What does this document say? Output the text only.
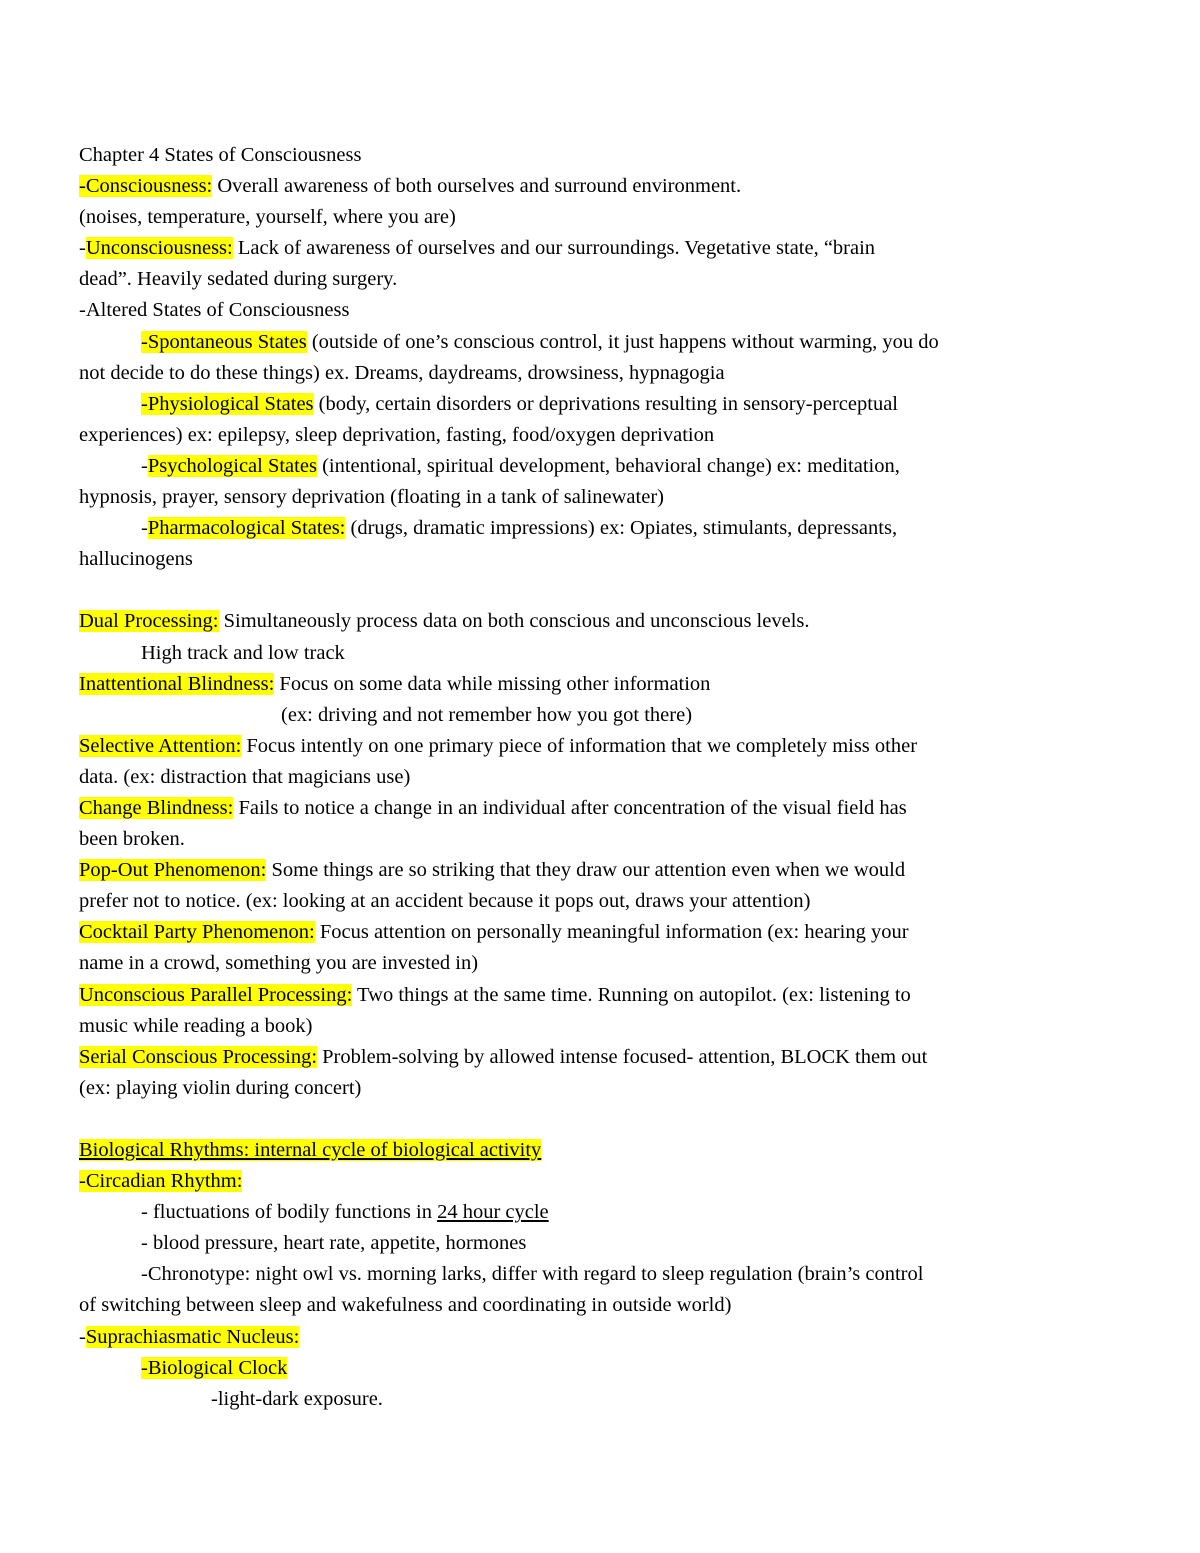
Chapter 4 States of Consciousness
-Consciousness: Overall awareness of both ourselves and surround environment.
(noises, temperature, yourself, where you are)
-Unconsciousness: Lack of awareness of ourselves and our surroundings. Vegetative state, “brain
dead”. Heavily sedated during surgery.
-Altered States of Consciousness
-Spontaneous States (outside of one’s conscious control, it just happens without warming, you do
not decide to do these things) ex. Dreams, daydreams, drowsiness, hypnagogia
-Physiological States (body, certain disorders or deprivations resulting in sensory-perceptual
experiences) ex: epilepsy, sleep deprivation, fasting, food/oxygen deprivation
-Psychological States (intentional, spiritual development, behavioral change) ex: meditation,
hypnosis, prayer, sensory deprivation (floating in a tank of salinewater)
-Pharmacological States: (drugs, dramatic impressions) ex: Opiates, stimulants, depressants,
hallucinogens
Dual Processing: Simultaneously process data on both conscious and unconscious levels.
High track and low track
Inattentional Blindness: Focus on some data while missing other information
(ex: driving and not remember how you got there)
Selective Attention: Focus intently on one primary piece of information that we completely miss other
data. (ex: distraction that magicians use)
Change Blindness: Fails to notice a change in an individual after concentration of the visual field has
been broken.
Pop-Out Phenomenon: Some things are so striking that they draw our attention even when we would
prefer not to notice. (ex: looking at an accident because it pops out, draws your attention)
Cocktail Party Phenomenon: Focus attention on personally meaningful information (ex: hearing your
name in a crowd, something you are invested in)
Unconscious Parallel Processing: Two things at the same time. Running on autopilot. (ex: listening to
music while reading a book)
Serial Conscious Processing: Problem-solving by allowed intense focused- attention, BLOCK them out
(ex: playing violin during concert)
Biological Rhythms: internal cycle of biological activity
-Circadian Rhythm:
- fluctuations of bodily functions in 24 hour cycle
- blood pressure, heart rate, appetite, hormones
-Chronotype: night owl vs. morning larks, differ with regard to sleep regulation (brain’s control
of switching between sleep and wakefulness and coordinating in outside world)
-Suprachiasmatic Nucleus:
-Biological Clock
-light-dark exposure.
